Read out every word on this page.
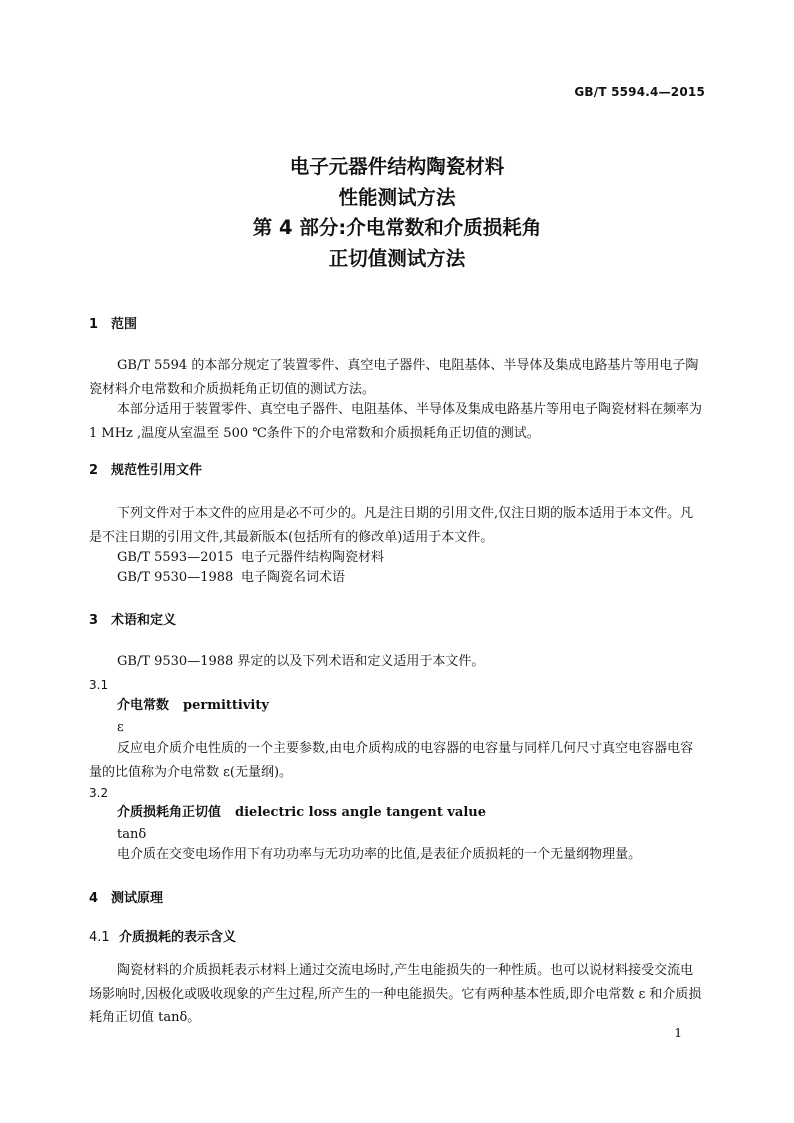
GB/T 5594.4—2015
电子元器件结构陶瓷材料
性能测试方法
第 4 部分:介电常数和介质损耗角
正切值测试方法
1 范围
GB/T 5594 的本部分规定了装置零件、真空电子器件、电阻基体、半导体及集成电路基片等用电子陶瓷材料介电常数和介质损耗角正切值的测试方法。
本部分适用于装置零件、真空电子器件、电阻基体、半导体及集成电路基片等用电子陶瓷材料在频率为 1 MHz ,温度从室温至 500 ℃条件下的介电常数和介质损耗角正切值的测试。
2 规范性引用文件
下列文件对于本文件的应用是必不可少的。凡是注日期的引用文件,仅注日期的版本适用于本文件。凡是不注日期的引用文件,其最新版本(包括所有的修改单)适用于本文件。
GB/T 5593—2015 电子元器件结构陶瓷材料
GB/T 9530—1988 电子陶瓷名词术语
3 术语和定义
GB/T 9530—1988 界定的以及下列术语和定义适用于本文件。
3.1
介电常数 permittivity
ε
反应电介质介电性质的一个主要参数,由电介质构成的电容器的电容量与同样几何尺寸真空电容器电容量的比值称为介电常数 ε(无量纲)。
3.2
介质损耗角正切值 dielectric loss angle tangent value
tanδ
电介质在交变电场作用下有功功率与无功功率的比值,是表征介质损耗的一个无量纲物理量。
4 测试原理
4.1 介质损耗的表示含义
陶瓷材料的介质损耗表示材料上通过交流电场时,产生电能损失的一种性质。也可以说材料接受交流电场影响时,因极化或吸收现象的产生过程,所产生的一种电能损失。它有两种基本性质,即介电常数 ε 和介质损耗角正切值 tanδ。
1
